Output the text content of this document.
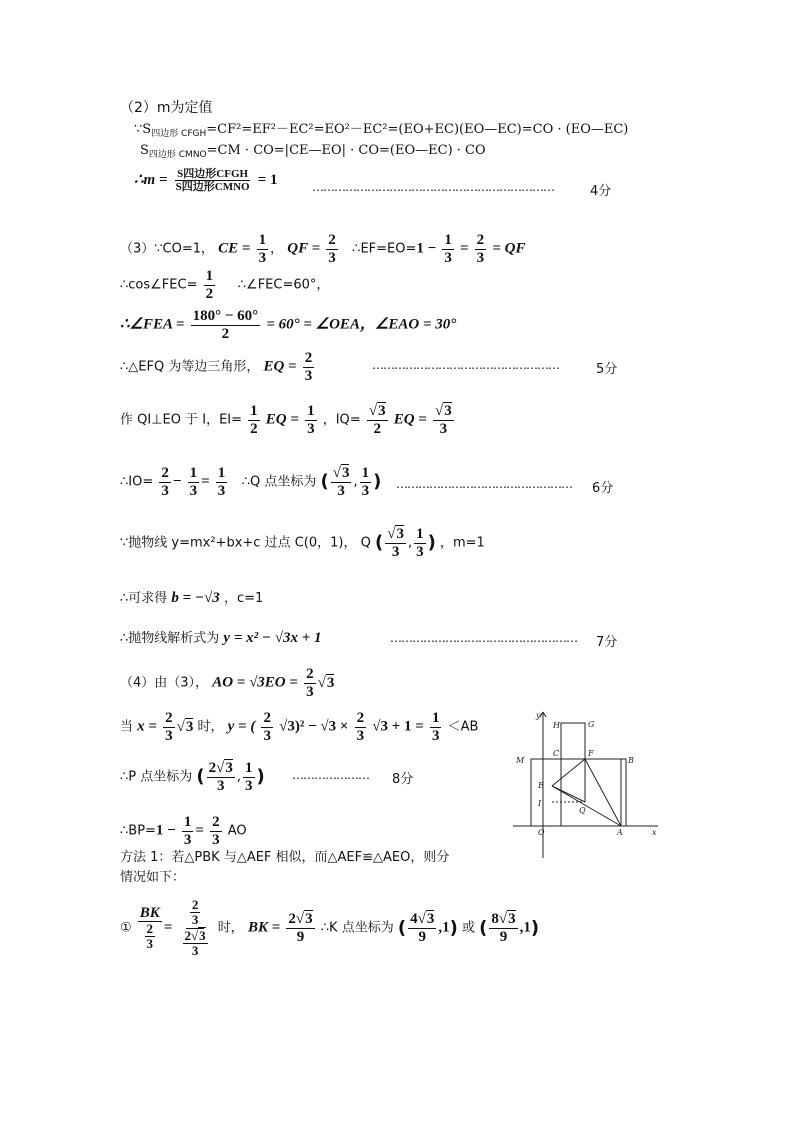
（2）m为定值
$\because S_{四边形 CFGH}=CF^2=EF^2-EC^2=EO^2-EC^2=(EO+EC)(EO—EC)=CO$ · (EO—EC)
$S_{四边形 CMNO}=CM$ · CO=|CE—EO| · CO=(EO—EC) · CO
∴m = $\frac{\text{S四边形CFGH}}{\text{S四边形CMNO}} = 1$	…………………………………………………………	4分
（3）∵CO=1， CE = $\frac{1}{3}$ ， QF = $\frac{2}{3}$ ∴EF=EO=1 − $\frac{1}{3} = \frac{2}{3}$ = QF
∴cos∠FEC= $\frac{1}{2}$ ∴∠FEC=60°，
∴∠FEA = $\frac{180^\circ - 60^\circ}{2} = 60^\circ$ = ∠OEA，∠EAO = 30°
∴△EFQ 为等边三角形， EQ = $\frac{2}{3}$	……………………………………………	5分
作 QI⊥EO 于 I，$EI= \frac{1}{2}$ EQ = $\frac{1}{3}$ ，$IQ= \frac{√3}{2}$ EQ = $\frac{√3}{3}$
∴IO= $\frac{2}{3} - \frac{1}{3} = \frac{1}{3}$ ∴Q 点坐标为 ( $\frac{√3}{3}$ , $\frac{1}{3}$ ) ………………………………………… 6分
∵抛物线 y=mx²+bx+c 过点 C(0，1)， Q ( $\frac{√3}{3}$ , $\frac{1}{3}$ ) ，m=1
∴可求得 b = −√3 ，c=1
∴抛物线解析式为 y = x² − √3x + 1	…………………………………………… 7分
（4）由（3）， AO = $√3EO = \frac{2}{3} √3$
当 $x = \frac{2}{3} √3$ 时， y = ( $\frac{2}{3} √3)^2 - √3 \times \frac{2}{3} √3 + 1 = \frac{1}{3} <AB$
∴P 点坐标为 ( $\frac{2√3}{3}$ , $\frac{1}{3}$ ) ………………… 8分
∴BP=1 − $\frac{1}{3} = \frac{2}{3}$ AO
方法 1：若△PBK 与△AEF 相似，而△AEF≌△AEO，则分
情况如下：
① $\frac{BK}{\frac{2}{3}} = \frac{\frac{2}{3}}{\frac{2√3}{3}}$ 时， BK = $\frac{2√3}{9}$ ∴K 点坐标为 ( $\frac{4√3}{9} ,1$) 或 ( $\frac{8√3}{9} ,1$)
y
H	G
C	F
M	B
E
I
Q
O	A	x
